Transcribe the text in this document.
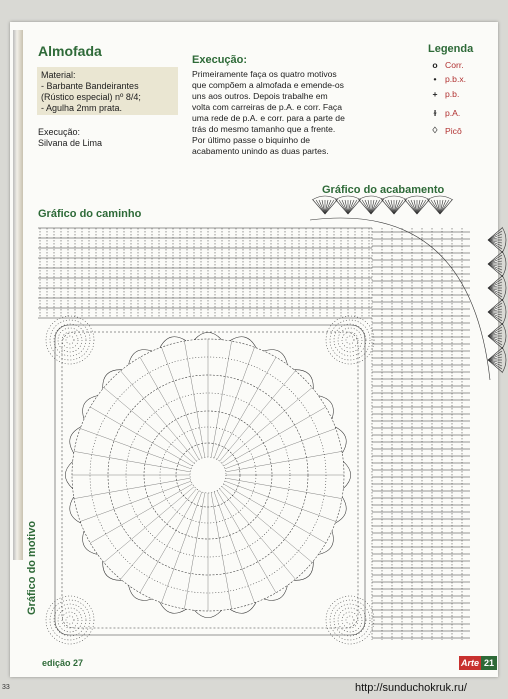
Almofada
Material:
- Barbante Bandeirantes
(Rústico especial) nº 8/4;
- Agulha 2mm prata.
Execução:
Silvana de Lima
Execução:
Primeiramente faça os quatro motivos
que compõem a almofada e emende-os
uns aos outros. Depois trabalhe em
volta com carreiras de p.A. e corr. Faça
uma rede de p.A. e corr. para a parte de
trás do mesmo tamanho que a frente.
Por último passe o biquinho de
acabamento unindo as duas partes.
Legenda
o Corr.
• p.b.x.
+ p.b.
ɫ p.A.
♢ Picô
Gráfico do acabamento
Gráfico do caminho
Gráfico do motivo
edição 27	Arte 21
http://sunduchokruk.ru/
33
